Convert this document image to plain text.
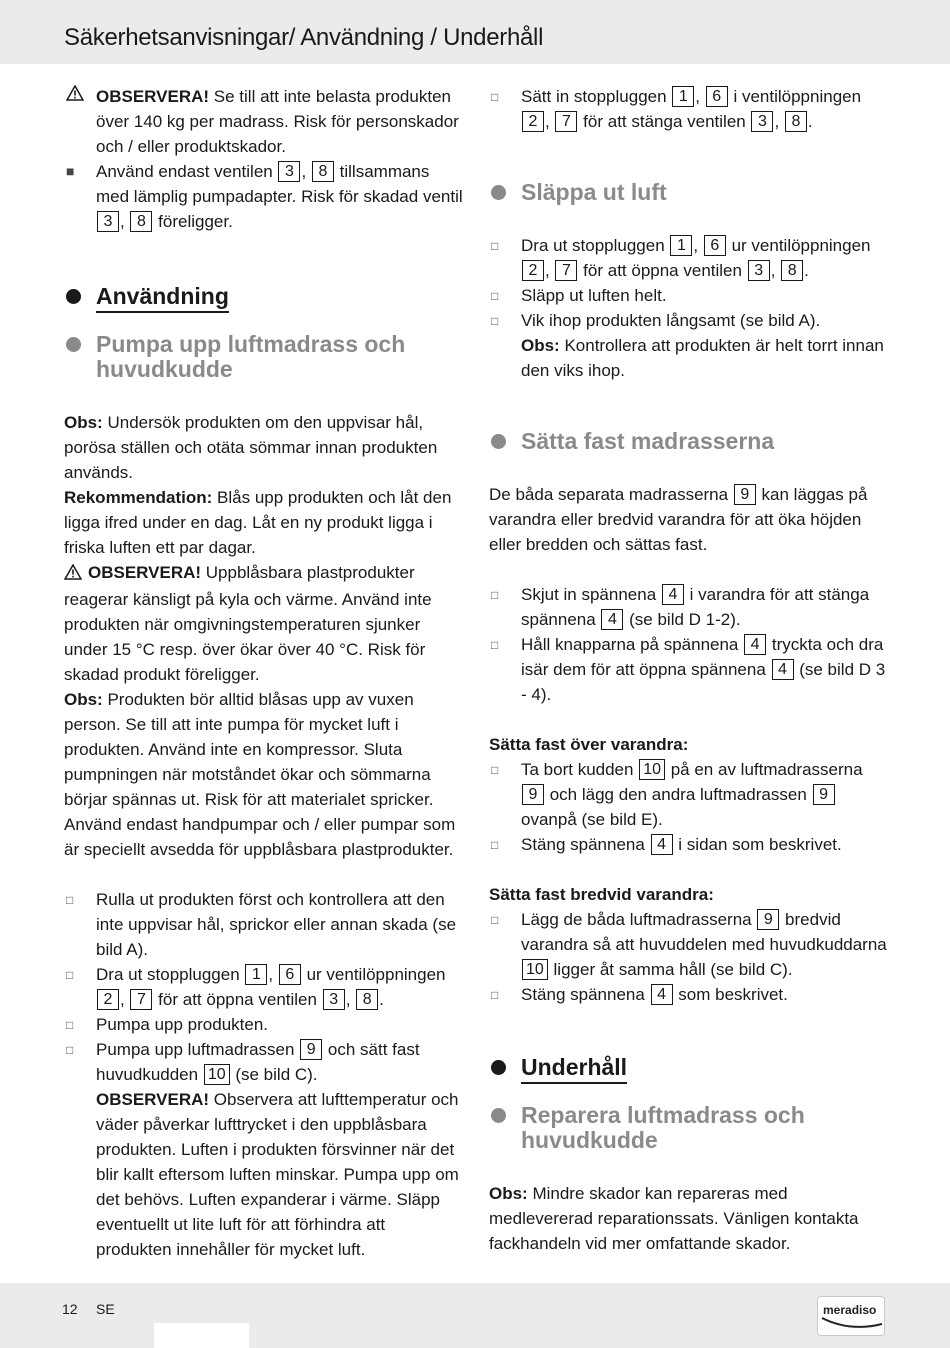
Säkerhetsanvisningar/ Användning / Underhåll
OBSERVERA! Se till att inte belasta produkten över 140 kg per madrass. Risk för personskador och / eller produktskador.
■ Använd endast ventilen 3 , 8 tillsammans med lämplig pumpadapter. Risk för skadad ventil 3 , 8 föreligger.
Användning
Pumpa upp luftmadrass och huvudkudde

Obs: Undersök produkten om den uppvisar hål, porösa ställen och otäta sömmar innan produkten används.

Rekommendation: Blås upp produkten och låt den ligga ifred under en dag. Låt en ny produkt ligga i friska luften ett par dagar.

OBSERVERA! Uppblåsbara plastprodukter reagerar känsligt på kyla och värme. Använd inte produkten när omgivningstemperaturen sjunker under 15 °C resp. över ökar över 40 °C. Risk för skadad produkt föreligger.

Obs: Produkten bör alltid blåsas upp av vuxen person. Se till att inte pumpa för mycket luft i produkten. Använd inte en kompressor. Sluta pumpningen när motståndet ökar och sömmarna börjar spännas ut. Risk för att materialet spricker. Använd endast handpumpar och / eller pumpar som är speciellt avsedda för uppblåsbara plastprodukter.

□ Rulla ut produkten först och kontrollera att den inte uppvisar hål, sprickor eller annan skada (se bild A).
□ Dra ut stoppluggen 1 , 6 ur ventilöppningen 2 , 7 för att öppna ventilen 3 , 8 .
□ Pumpa upp produkten.
□ Pumpa upp luftmadrassen 9 och sätt fast huvudkudden 10 (se bild C).
OBSERVERA! Observera att lufttemperatur och väder påverkar lufttrycket i den uppblåsbara produkten. Luften i produkten försvinner när det blir kallt eftersom luften minskar. Pumpa upp om det behövs. Luften expanderar i värme. Släpp eventuellt ut lite luft för att förhindra att produkten innehåller för mycket luft.
□ Sätt in stoppluggen 1 , 6 i ventilöppningen 2 , 7 för att stänga ventilen 3 , 8 .
Släppa ut luft
□ Dra ut stoppluggen 1 , 6 ur ventilöppningen 2 , 7 för att öppna ventilen 3 , 8 .
□ Släpp ut luften helt.
□ Vik ihop produkten långsamt (se bild A).
Obs: Kontrollera att produkten är helt torrt innan den viks ihop.
Sätta fast madrasserna

De båda separata madrasserna 9 kan läggas på varandra eller bredvid varandra för att öka höjden eller bredden och sättas fast.

□ Skjut in spännena 4 i varandra för att stänga spännena 4 (se bild D 1-2).
□ Håll knapparna på spännena 4 tryckta och dra isär dem för att öppna spännena 4 (se bild D 3 - 4).
Sätta fast över varandra:
□ Ta bort kudden 10 på en av luftmadrasserna 9 och lägg den andra luftmadrassen 9 ovanpå (se bild E).
□ Stäng spännena 4 i sidan som beskrivet.
Sätta fast bredvid varandra:
□ Lägg de båda luftmadrasserna 9 bredvid varandra så att huvuddelen med huvudkuddarna 10 ligger åt samma håll (se bild C).
□ Stäng spännena 4 som beskrivet.
Underhåll
Reparera luftmadrass och huvudkudde

Obs: Mindre skador kan repareras med medlevererad reparationssats. Vänligen kontakta fackhandeln vid mer omfattande skador.

12 SE	meradiso
